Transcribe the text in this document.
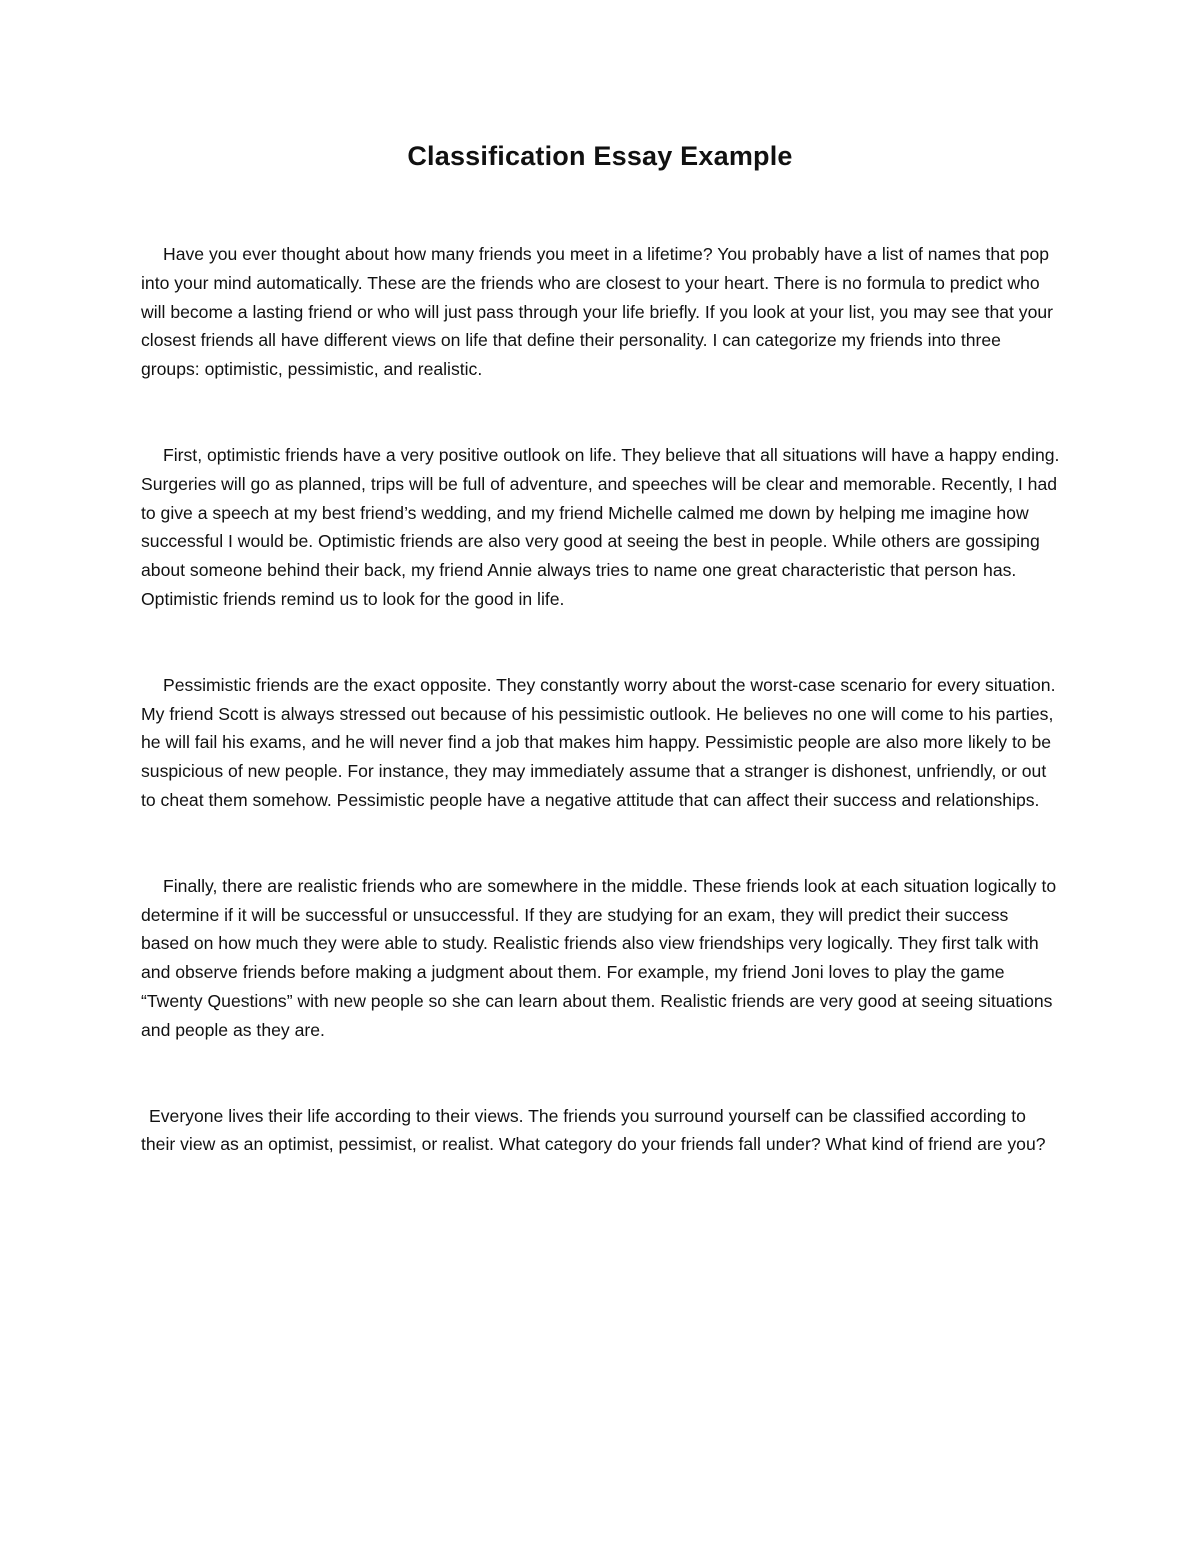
Classification Essay Example

Have you ever thought about how many friends you meet in a lifetime? You probably have a list of names that pop into your mind automatically. These are the friends who are closest to your heart. There is no formula to predict who will become a lasting friend or who will just pass through your life briefly. If you look at your list, you may see that your closest friends all have different views on life that define their personality. I can categorize my friends into three groups: optimistic, pessimistic, and realistic.

First, optimistic friends have a very positive outlook on life. They believe that all situations will have a happy ending. Surgeries will go as planned, trips will be full of adventure, and speeches will be clear and memorable. Recently, I had to give a speech at my best friend’s wedding, and my friend Michelle calmed me down by helping me imagine how successful I would be. Optimistic friends are also very good at seeing the best in people. While others are gossiping about someone behind their back, my friend Annie always tries to name one great characteristic that person has. Optimistic friends remind us to look for the good in life.

Pessimistic friends are the exact opposite. They constantly worry about the worst-case scenario for every situation. My friend Scott is always stressed out because of his pessimistic outlook. He believes no one will come to his parties, he will fail his exams, and he will never find a job that makes him happy. Pessimistic people are also more likely to be suspicious of new people. For instance, they may immediately assume that a stranger is dishonest, unfriendly, or out to cheat them somehow. Pessimistic people have a negative attitude that can affect their success and relationships.

Finally, there are realistic friends who are somewhere in the middle. These friends look at each situation logically to determine if it will be successful or unsuccessful. If they are studying for an exam, they will predict their success based on how much they were able to study. Realistic friends also view friendships very logically. They first talk with and observe friends before making a judgment about them. For example, my friend Joni loves to play the game “Twenty Questions” with new people so she can learn about them. Realistic friends are very good at seeing situations and people as they are.

Everyone lives their life according to their views. The friends you surround yourself can be classified according to their view as an optimist, pessimist, or realist. What category do your friends fall under? What kind of friend are you?
